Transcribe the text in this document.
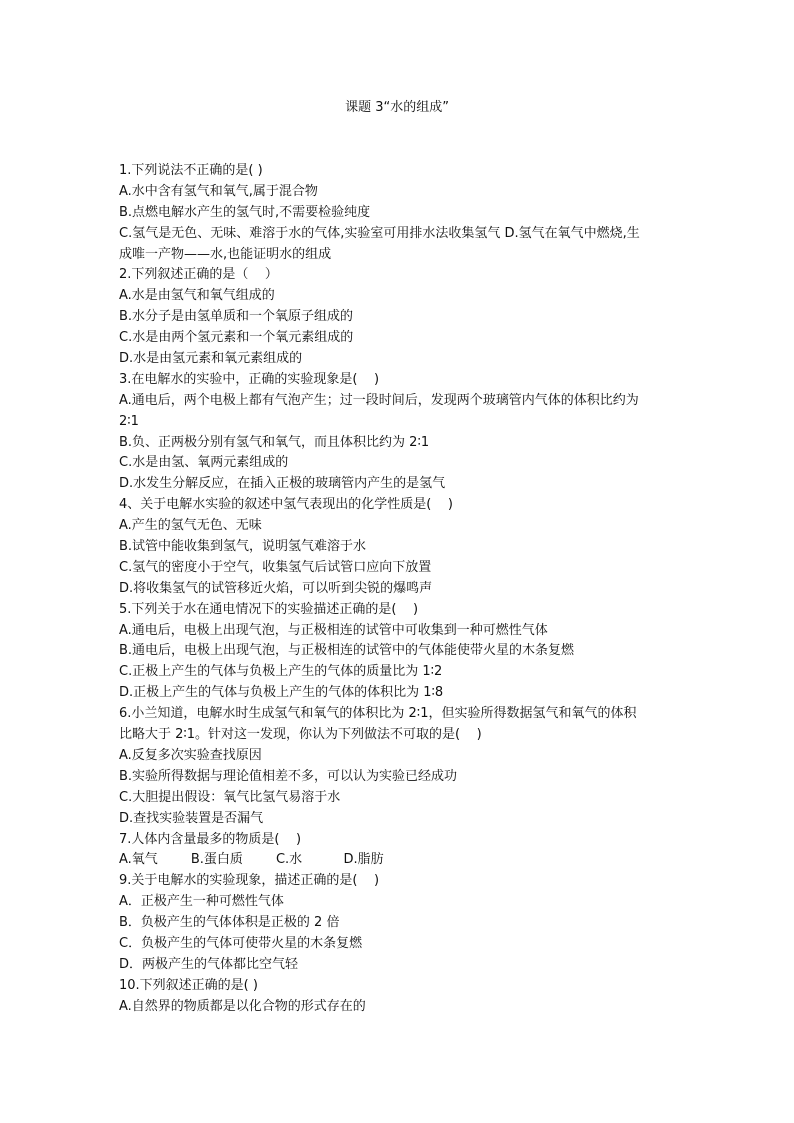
课题 3“水的组成”
1.下列说法不正确的是( )
A.水中含有氢气和氧气,属于混合物
B.点燃电解水产生的氢气时,不需要检验纯度
C.氢气是无色、无味、难溶于水的气体,实验室可用排水法收集氢气 D.氢气在氧气中燃烧,生
成唯一产物——水,也能证明水的组成
2.下列叙述正确的是（    ）
A.水是由氢气和氧气组成的
B.水分子是由氢单质和一个氧原子组成的
C.水是由两个氢元素和一个氧元素组成的
D.水是由氢元素和氧元素组成的
3.在电解水的实验中，正确的实验现象是(    )
A.通电后，两个电极上都有气泡产生；过一段时间后，发现两个玻璃管内气体的体积比约为
2∶1
B.负、正两极分别有氢气和氧气，而且体积比约为 2∶1
C.水是由氢、氧两元素组成的
D.水发生分解反应，在插入正极的玻璃管内产生的是氢气
4、关于电解水实验的叙述中氢气表现出的化学性质是(    )
A.产生的氢气无色、无味
B.试管中能收集到氢气，说明氢气难溶于水
C.氢气的密度小于空气，收集氢气后试管口应向下放置
D.将收集氢气的试管移近火焰，可以听到尖锐的爆鸣声
5.下列关于水在通电情况下的实验描述正确的是(    )
A.通电后，电极上出现气泡，与正极相连的试管中可收集到一种可燃性气体
B.通电后，电极上出现气泡，与正极相连的试管中的气体能使带火星的木条复燃
C.正极上产生的气体与负极上产生的气体的质量比为 1∶2
D.正极上产生的气体与负极上产生的气体的体积比为 1∶8
6.小兰知道，电解水时生成氢气和氧气的体积比为 2∶1，但实验所得数据氢气和氧气的体积
比略大于 2∶1。针对这一发现，你认为下列做法不可取的是(    )
A.反复多次实验查找原因
B.实验所得数据与理论值相差不多，可以认为实验已经成功
C.大胆提出假设：氧气比氢气易溶于水
D.查找实验装置是否漏气
7.人体内含量最多的物质是(    )
A.氧气        B.蛋白质        C.水          D.脂肪
9.关于电解水的实验现象，描述正确的是(    )
A．正极产生一种可燃性气体
B．负极产生的气体体积是正极的 2 倍
C．负极产生的气体可使带火星的木条复燃
D．两极产生的气体都比空气轻
10.下列叙述正确的是( )
A.自然界的物质都是以化合物的形式存在的
